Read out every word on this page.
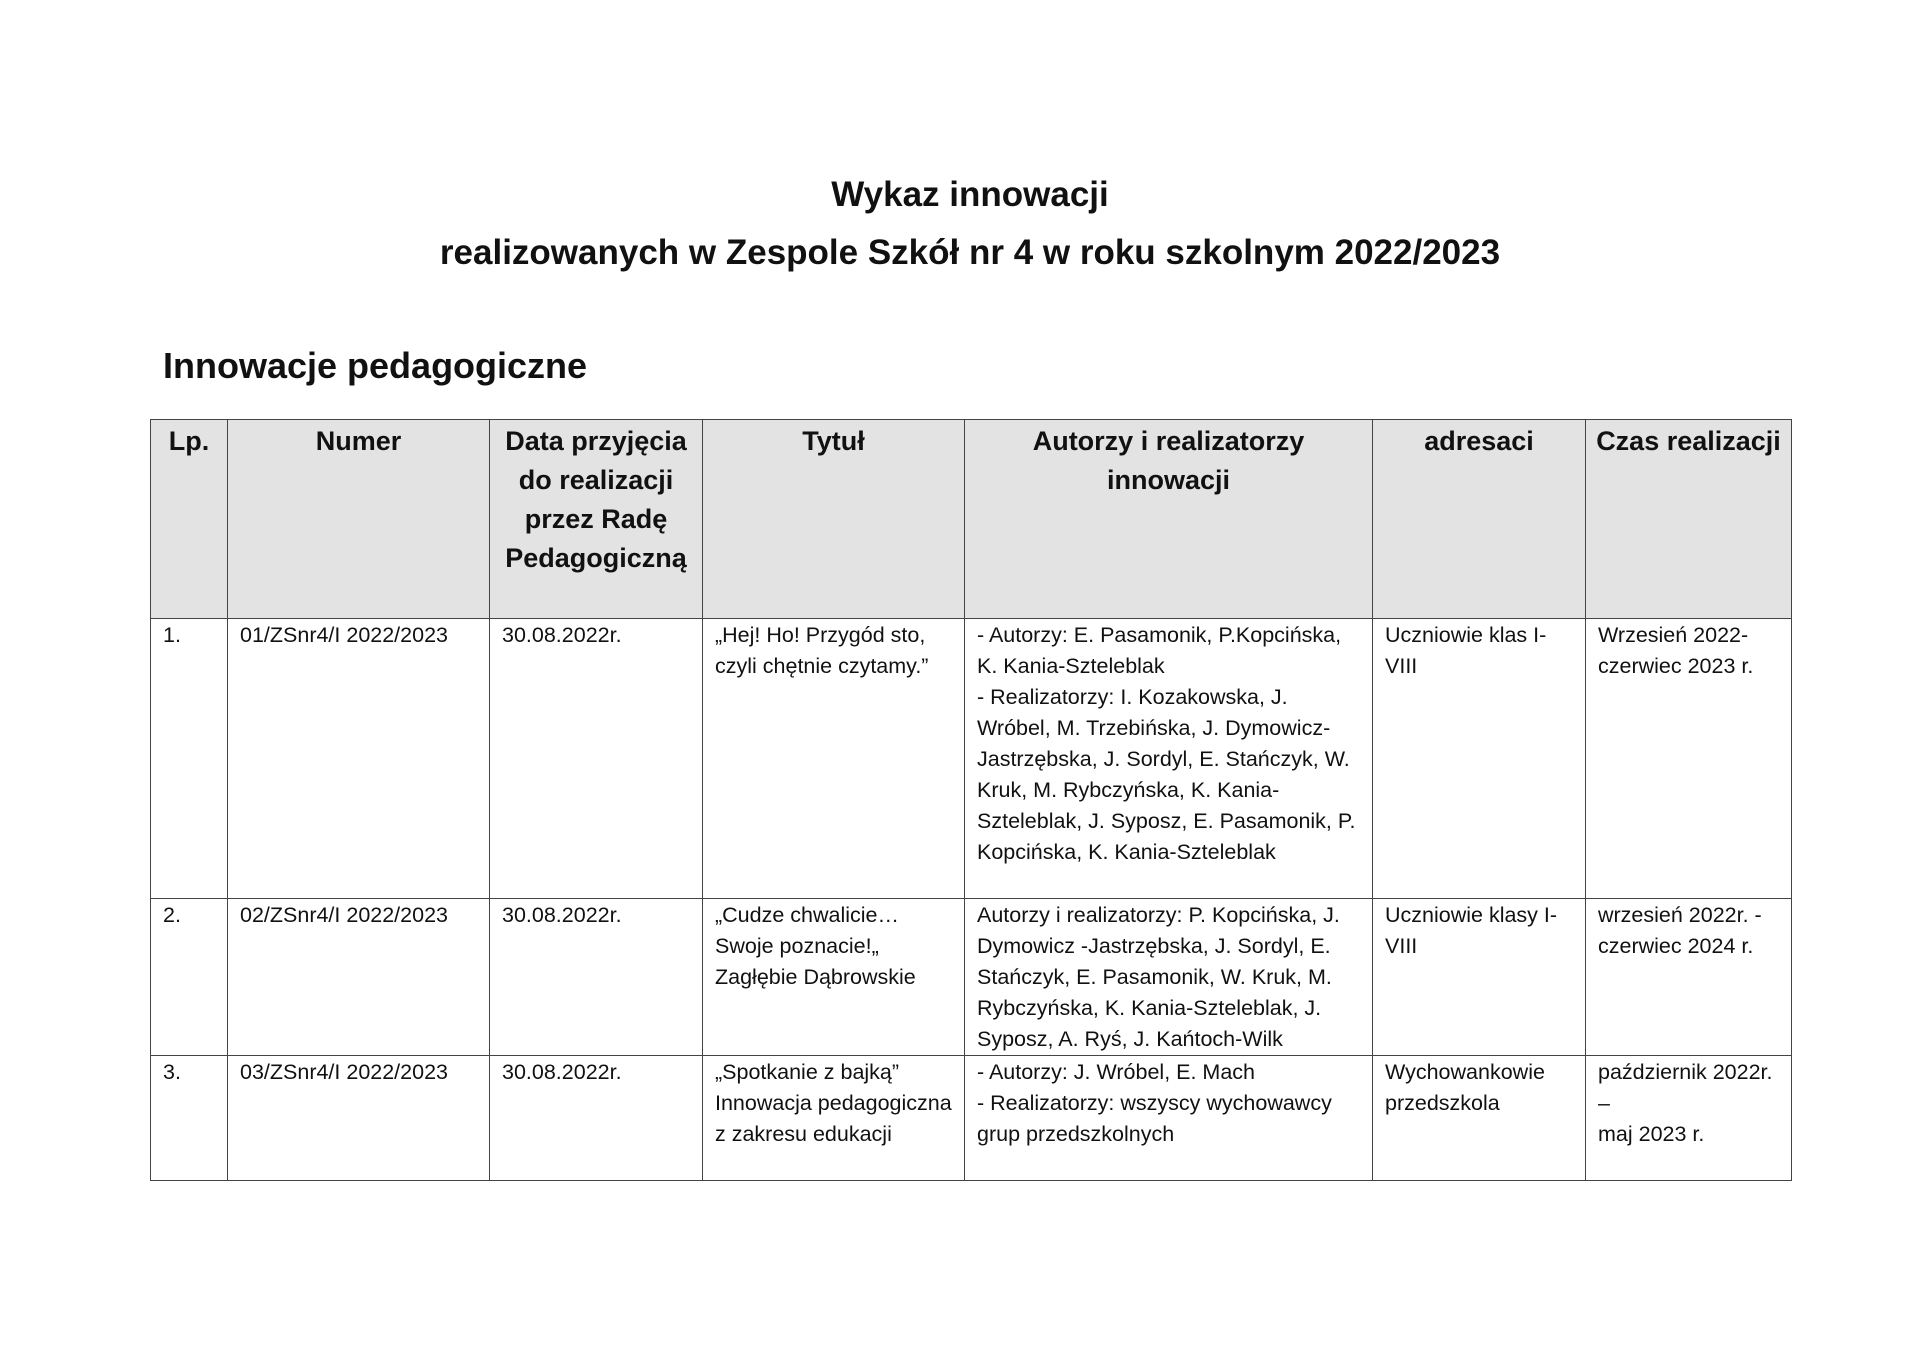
Wykaz innowacji
realizowanych w Zespole Szkół nr 4 w roku szkolnym 2022/2023
Innowacje pedagogiczne
Lp.	Numer	Data przyjęcia do realizacji przez Radę Pedagogiczną	Tytuł	Autorzy i realizatorzy innowacji	adresaci	Czas realizacji
1.	01/ZSnr4/I 2022/2023	30.08.2022r.	„Hej! Ho! Przygód sto, czyli chętnie czytamy.”	- Autorzy: E. Pasamonik, P.Kopcińska, K. Kania-Szteleblak
- Realizatorzy: I. Kozakowska, J. Wróbel, M. Trzebińska, J. Dymowicz-Jastrzębska, J. Sordyl, E. Stańczyk, W. Kruk, M. Rybczyńska, K. Kania-Szteleblak, J. Syposz, E. Pasamonik, P. Kopcińska, K. Kania-Szteleblak	Uczniowie klas I-VIII	Wrzesień 2022-czerwiec 2023 r.
2.	02/ZSnr4/I 2022/2023	30.08.2022r.	„Cudze chwalicie… Swoje poznacie!„ Zagłębie Dąbrowskie	Autorzy i realizatorzy: P. Kopcińska, J. Dymowicz -Jastrzębska, J. Sordyl, E. Stańczyk, E. Pasamonik, W. Kruk, M. Rybczyńska, K. Kania-Szteleblak, J. Syposz, A. Ryś, J. Kańtoch-Wilk	Uczniowie klasy I-VIII	wrzesień 2022r. - czerwiec 2024 r.
3.	03/ZSnr4/I 2022/2023	30.08.2022r.	„Spotkanie z bajką” Innowacja pedagogiczna z zakresu edukacji	- Autorzy: J. Wróbel, E. Mach
- Realizatorzy: wszyscy wychowawcy grup przedszkolnych	Wychowankowie przedszkola	październik 2022r. –
maj 2023 r.
